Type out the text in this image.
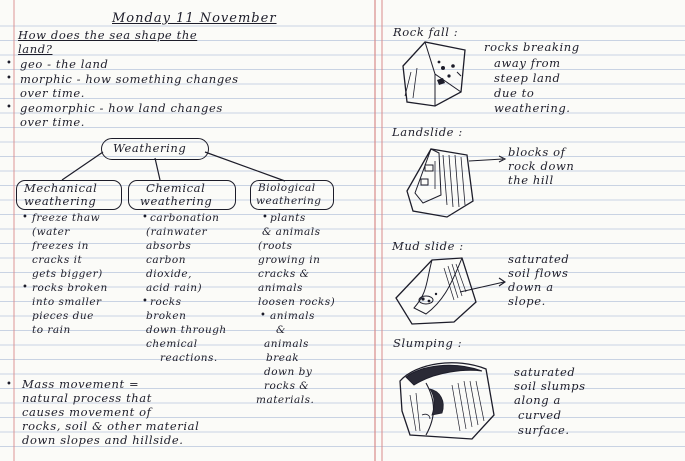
Monday 11 November
How does the sea shape the
land?
• geo - the land
• morphic - how something changes
over time.
• geomorphic - how land changes
over time.
Weathering
Mechanical
weathering
Chemical
weathering
Biological
weathering
• freeze thaw
(water
freezes in
cracks it
gets bigger)
• rocks broken
into smaller
pieces due
to rain
• carbonation
(rainwater
absorbs
carbon
dioxide,
acid rain)
• rocks
broken
down through
chemical
reactions.
• plants
& animals
(roots
growing in
cracks &
animals
loosen rocks)
• animals
&
animals
break
down by
rocks &
materials.
• Mass movement =
natural process that
causes movement of
rocks, soil & other material
down slopes and hillside.
Rock fall :
rocks breaking
away from
steep land
due to
weathering.
Landslide :
blocks of
rock down
the hill
Mud slide :
saturated
soil flows
down a
slope.
Slumping :
saturated
soil slumps
along a
curved
surface.
